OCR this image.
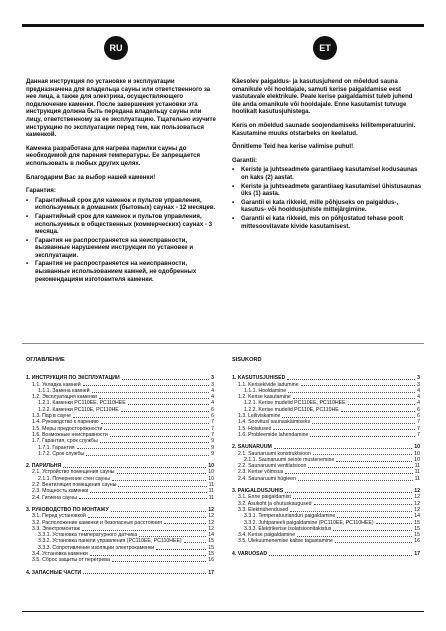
RU	ET

Данная инструкция по установке и эксплуатации предназначена для владельца сауны или ответственного за нее лица, а также для электрика, осуществляющего подключение каменки. После завершения установки эта инструкция должна быть передана владельцу сауны или лицу, ответственному за ее эксплуатацию. Тщательно изучите инструкцию по эксплуатации перед тем, как пользоваться каменкой.

Каменка разработана для нагрева парилки сауны до необходимой для парения температуры. Ее запрещается использовать в любых других целях.

Благодарим Вас за выбор нашей каменки!

Гарантия:
• Гарантийный срок для каменок и пультов управления, используемых в домашних (бытовых) саунах - 12 месяцев.
• Гарантийный срок для каменок и пультов управления, используемых в общественных (коммерческих) саунах - 3 месяца.
• Гарантия не распространяется на неисправности, вызванные нарушением инструкции по установке и эксплуатации.
• Гарантия не распространяется на неисправности, вызванные использованием камней, не одобренных рекомендациям изготовителя каменки.

Käesolev paigaldus- ja kasutusjuhend on mõeldud sauna omanikule või hooldajale, samuti kerise paigaldamise eest vastutavale elektrikule. Peale kerise paigaldamist tuleb juhend üle anda omanikule või hooldajale. Enne kasutamist tutvuge hoolikalt kasutusjuhistega.

Keris on mõeldud saunade soojendamiseks leilitemperatuurini. Kasutamine muuks otstarbeks on keelatud.

Õnnitleme Teid hea kerise valimise puhul!

Garantii:
• Keriste ja juhtseadmete garantiiaeg kasutamisel kodusaunas on kaks (2) aastat.
• Keriste ja juhtseadmete garantiiaeg kasutamisel ühistusaunas üks (1) aasta.
• Garantii ei kata rikkeid, mille põhjuseks on paigaldus-, kasutus- või hooldusjuhiste mittejärgimine.
• Garantii ei kata rikkeid, mis on põhjustatud tehase poolt mittesoovitavate kivide kasutamisest.
ОГЛАВЛЕНИЕ
1. ИНСТРУКЦИЯ ПО ЭКСПЛУАТАЦИИ	3
1.1. Укладка камней	3
1.1.1. Замена камней	4
1.2. Эксплуатация каменки	4
1.2.1. Каменки PC110EE, PC110HEE	4
1.2.2. Каменки PC110E, PC110HE	6
1.3. Пар в сауне	6
1.4. Руководство к парению	7
1.5. Меры предосторожности	7
1.6. Возможные неисправности	7
1.7. Гарантия, срок службы	9
1.7.1. Гарантия	9
1.7.2. Срок службы	9
2. ПАРИЛЬНЯ	10
2.1. Устройство помещения сауны	10
2.1.1. Почернение стен сауны	10
2.2. Вентиляция помещения сауны	11
2.3. Мощность каменки	11
2.4. Гигиена сауны	11
3. РУКОВОДСТВО ПО МОНТАЖУ	12
3.1. Перед установкой	12
3.2. Расположение каменки и безопасные расстояния	12
3.3. Электромонтаж	12
3.3.1. Установка температурного датчика	14
3.3.2. Установка панели управления (PC110EE, PC110HEE)	15
3.3.3. Сопротивление изоляции электрокаменки	15
3.4. Установка каменки	15
3.5. Сброс защиты от перегрева	16
4. ЗАПАСНЫЕ ЧАСТИ	17
SISUKORD
1. KASUTUSJUHISED	3
1.1. Kerisekivide ladumine	3
1.1.1. Hooldamine	4
1.2. Kerise kasutamine	4
1.2.1. Kerise mudelid PC110EE, PC110HEE	4
1.2.2. Kerise mudelid PC110E, PC110HE	6
1.3. Leiliviskamine	6
1.4. Soovitusi saunaskäimiseks	7
1.5. Hoiatused	7
1.6. Probleemide lahendamine	7
2. SAUNARUUM	10
2.1. Saunaruumi konstruktsioon	10
2.1.1. Saunaruumi seinte mustenemine	10
2.2. Saunaruumi ventilatsioon	11
2.3. Kerise võimsus	11
2.4. Saunaruumi hügieen	11
3. PAIGALDUSJUHIS	12
3.1. Enne paigaldamist	12
3.2. Asukoht ja ohutuskaugused	12
3.3. Elektriühendused	12
3.3.1. Temperatuurianduri paigaldamine	14
3.3.2. Juhtpaneeli paigaldamine (PC110EE, PC110HEE)	15
3.3.3. Elektrikerise isolatsioonitakistus	15
3.4. Kerise paigaldamine	15
3.5. Ülekuumenemise kaitse tagastamine	16
4. VARUOSAD	17
